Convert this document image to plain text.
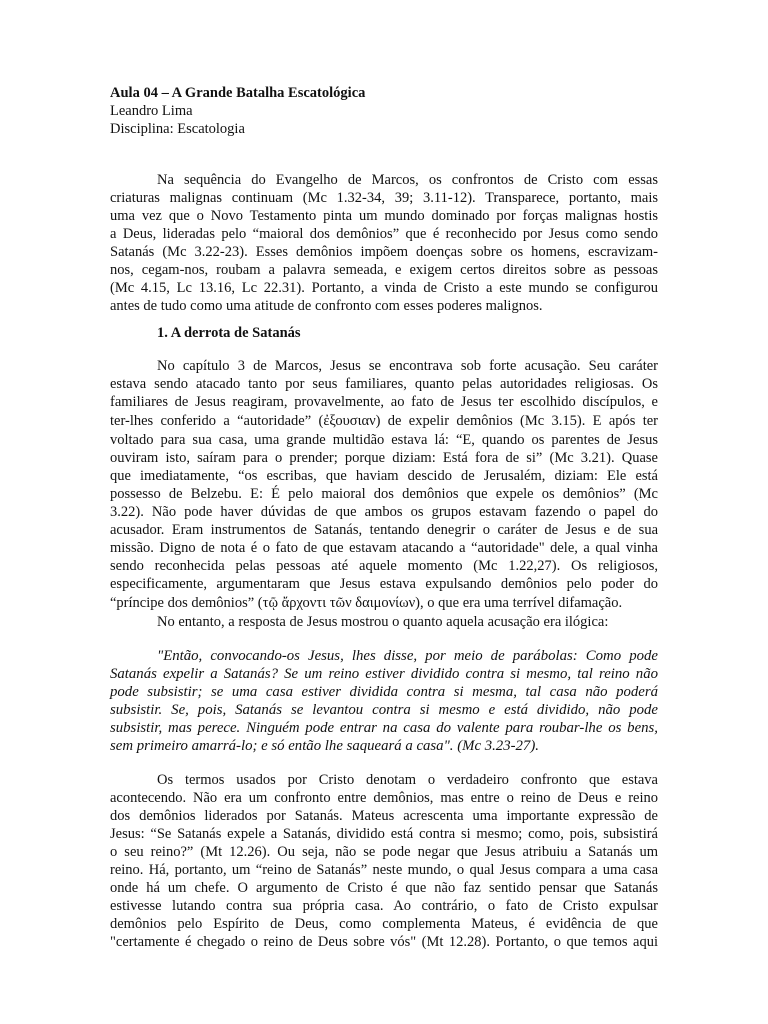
Aula 04 – A Grande Batalha Escatológica
Leandro Lima
Disciplina: Escatologia
Na sequência do Evangelho de Marcos, os confrontos de Cristo com essas
criaturas malignas continuam (Mc 1.32-34, 39; 3.11-12). Transparece, portanto, mais
uma vez que o Novo Testamento pinta um mundo dominado por forças malignas hostis
a Deus, lideradas pelo “maioral dos demônios” que é reconhecido por Jesus como sendo
Satanás (Mc 3.22-23). Esses demônios impõem doenças sobre os homens, escravizam-
nos, cegam-nos, roubam a palavra semeada, e exigem certos direitos sobre as pessoas
(Mc 4.15, Lc 13.16, Lc 22.31). Portanto, a vinda de Cristo a este mundo se configurou
antes de tudo como uma atitude de confronto com esses poderes malignos.
1. A derrota de Satanás
No capítulo 3 de Marcos, Jesus se encontrava sob forte acusação. Seu caráter
estava sendo atacado tanto por seus familiares, quanto pelas autoridades religiosas. Os
familiares de Jesus reagiram, provavelmente, ao fato de Jesus ter escolhido discípulos, e
ter-lhes conferido a “autoridade” (ἐξουσιαν) de expelir demônios (Mc 3.15). E após ter
voltado para sua casa, uma grande multidão estava lá: “E, quando os parentes de Jesus
ouviram isto, saíram para o prender; porque diziam: Está fora de si” (Mc 3.21). Quase
que imediatamente, “os escribas, que haviam descido de Jerusalém, diziam: Ele está
possesso de Belzebu. E: É pelo maioral dos demônios que expele os demônios” (Mc
3.22). Não pode haver dúvidas de que ambos os grupos estavam fazendo o papel do
acusador. Eram instrumentos de Satanás, tentando denegrir o caráter de Jesus e de sua
missão. Digno de nota é o fato de que estavam atacando a “autoridade" dele, a qual vinha
sendo reconhecida pelas pessoas até aquele momento (Mc 1.22,27). Os religiosos,
especificamente, argumentaram que Jesus estava expulsando demônios pelo poder do
“príncipe dos demônios” (τῷ ἄρχοντι τῶν δαιμονίων), o que era uma terrível difamação.
No entanto, a resposta de Jesus mostrou o quanto aquela acusação era ilógica:
"Então, convocando-os Jesus, lhes disse, por meio de parábolas: Como pode
Satanás expelir a Satanás? Se um reino estiver dividido contra si mesmo, tal reino não
pode subsistir; se uma casa estiver dividida contra si mesma, tal casa não poderá
subsistir. Se, pois, Satanás se levantou contra si mesmo e está dividido, não pode
subsistir, mas perece. Ninguém pode entrar na casa do valente para roubar-lhe os bens,
sem primeiro amarrá-lo; e só então lhe saqueará a casa". (Mc 3.23-27).
Os termos usados por Cristo denotam o verdadeiro confronto que estava
acontecendo. Não era um confronto entre demônios, mas entre o reino de Deus e reino
dos demônios liderados por Satanás. Mateus acrescenta uma importante expressão de
Jesus: “Se Satanás expele a Satanás, dividido está contra si mesmo; como, pois, subsistirá
o seu reino?” (Mt 12.26). Ou seja, não se pode negar que Jesus atribuiu a Satanás um
reino. Há, portanto, um “reino de Satanás” neste mundo, o qual Jesus compara a uma casa
onde há um chefe. O argumento de Cristo é que não faz sentido pensar que Satanás
estivesse lutando contra sua própria casa. Ao contrário, o fato de Cristo expulsar
demônios pelo Espírito de Deus, como complementa Mateus, é evidência de que
"certamente é chegado o reino de Deus sobre vós" (Mt 12.28). Portanto, o que temos aqui
